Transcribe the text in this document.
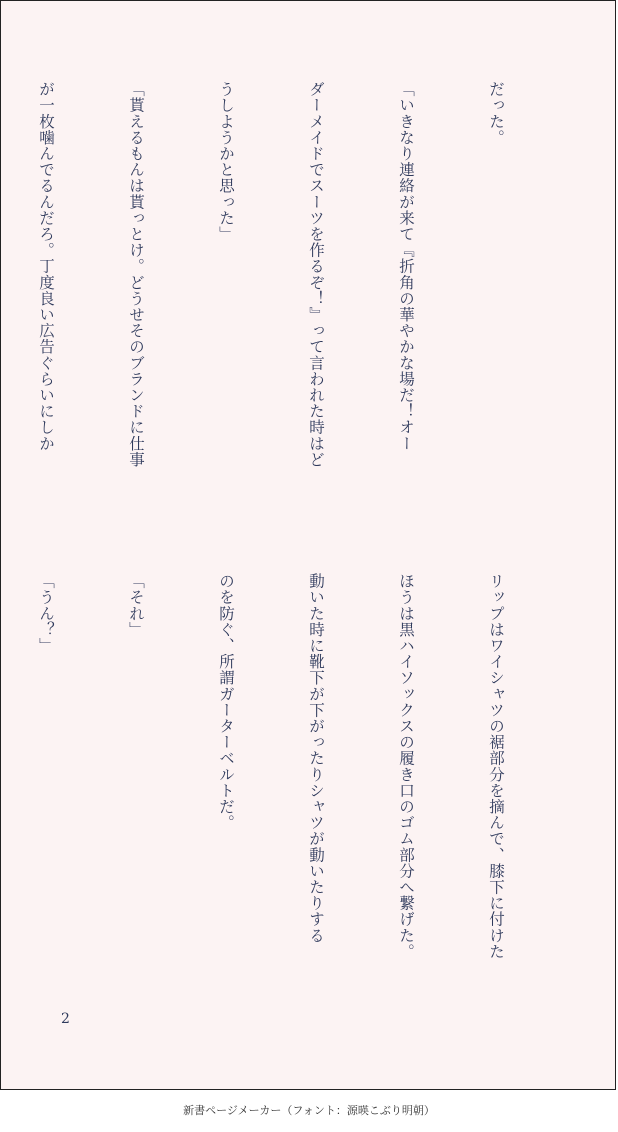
だった。

「いきなり連絡が来て『折角の華やかな場だ！オー

ダーメイドでスーツを作るぞ！』って言われた時はど

うしようかと思った」

「貰えるもんは貰っとけ。どうせそのブランドに仕事

が一枚噛んでるんだろ。丁度良い広告ぐらいにしか

リップはワイシャツの裾部分を摘んで、膝下に付けた

ほうは黒ハイソックスの履き口のゴム部分へ繋げた。

動いた時に靴下が下がったりシャツが動いたりする

のを防ぐ、所謂ガーターベルトだ。

「それ」

「うん？」

2
新書ページメーカー（フォント：源暎こぶり明朝）
